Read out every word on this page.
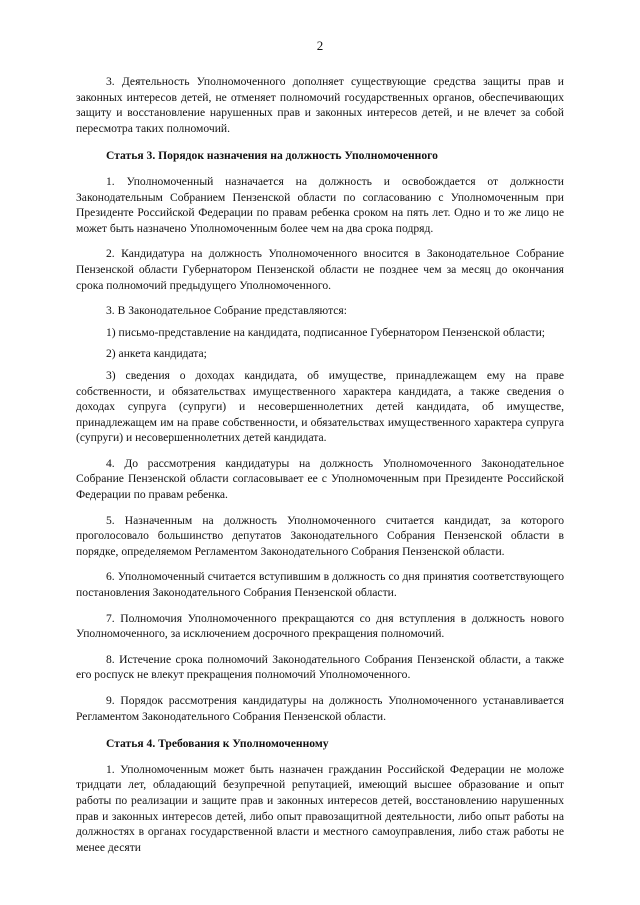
2

3. Деятельность Уполномоченного дополняет существующие средства защиты прав и законных интересов детей, не отменяет полномочий государственных органов, обеспечивающих защиту и восстановление нарушенных прав и законных интересов детей, и не влечет за собой пересмотра таких полномочий.

Статья 3. Порядок назначения на должность Уполномоченного

1. Уполномоченный назначается на должность и освобождается от должности Законодательным Собранием Пензенской области по согласованию с Уполномоченным при Президенте Российской Федерации по правам ребенка сроком на пять лет. Одно и то же лицо не может быть назначено Уполномоченным более чем на два срока подряд.

2. Кандидатура на должность Уполномоченного вносится в Законодательное Собрание Пензенской области Губернатором Пензенской области не позднее чем за месяц до окончания срока полномочий предыдущего Уполномоченного.

3. В Законодательное Собрание представляются:

1) письмо-представление на кандидата, подписанное Губернатором Пензенской области;

2) анкета кандидата;

3) сведения о доходах кандидата, об имуществе, принадлежащем ему на праве собственности, и обязательствах имущественного характера кандидата, а также сведения о доходах супруга (супруги) и несовершеннолетних детей кандидата, об имуществе, принадлежащем им на праве собственности, и обязательствах имущественного характера супруга (супруги) и несовершеннолетних детей кандидата.

4. До рассмотрения кандидатуры на должность Уполномоченного Законодательное Собрание Пензенской области согласовывает ее с Уполномоченным при Президенте Российской Федерации по правам ребенка.

5. Назначенным на должность Уполномоченного считается кандидат, за которого проголосовало большинство депутатов Законодательного Собрания Пензенской области в порядке, определяемом Регламентом Законодательного Собрания Пензенской области.

6. Уполномоченный считается вступившим в должность со дня принятия соответствующего постановления Законодательного Собрания Пензенской области.

7. Полномочия Уполномоченного прекращаются со дня вступления в должность нового Уполномоченного, за исключением досрочного прекращения полномочий.

8. Истечение срока полномочий Законодательного Собрания Пензенской области, а также его роспуск не влекут прекращения полномочий Уполномоченного.

9. Порядок рассмотрения кандидатуры на должность Уполномоченного устанавливается Регламентом Законодательного Собрания Пензенской области.

Статья 4. Требования к Уполномоченному

1. Уполномоченным может быть назначен гражданин Российской Федерации не моложе тридцати лет, обладающий безупречной репутацией, имеющий высшее образование и опыт работы по реализации и защите прав и законных интересов детей, восстановлению нарушенных прав и законных интересов детей, либо опыт правозащитной деятельности, либо опыт работы на должностях в органах государственной власти и местного самоуправления, либо стаж работы не менее десяти
